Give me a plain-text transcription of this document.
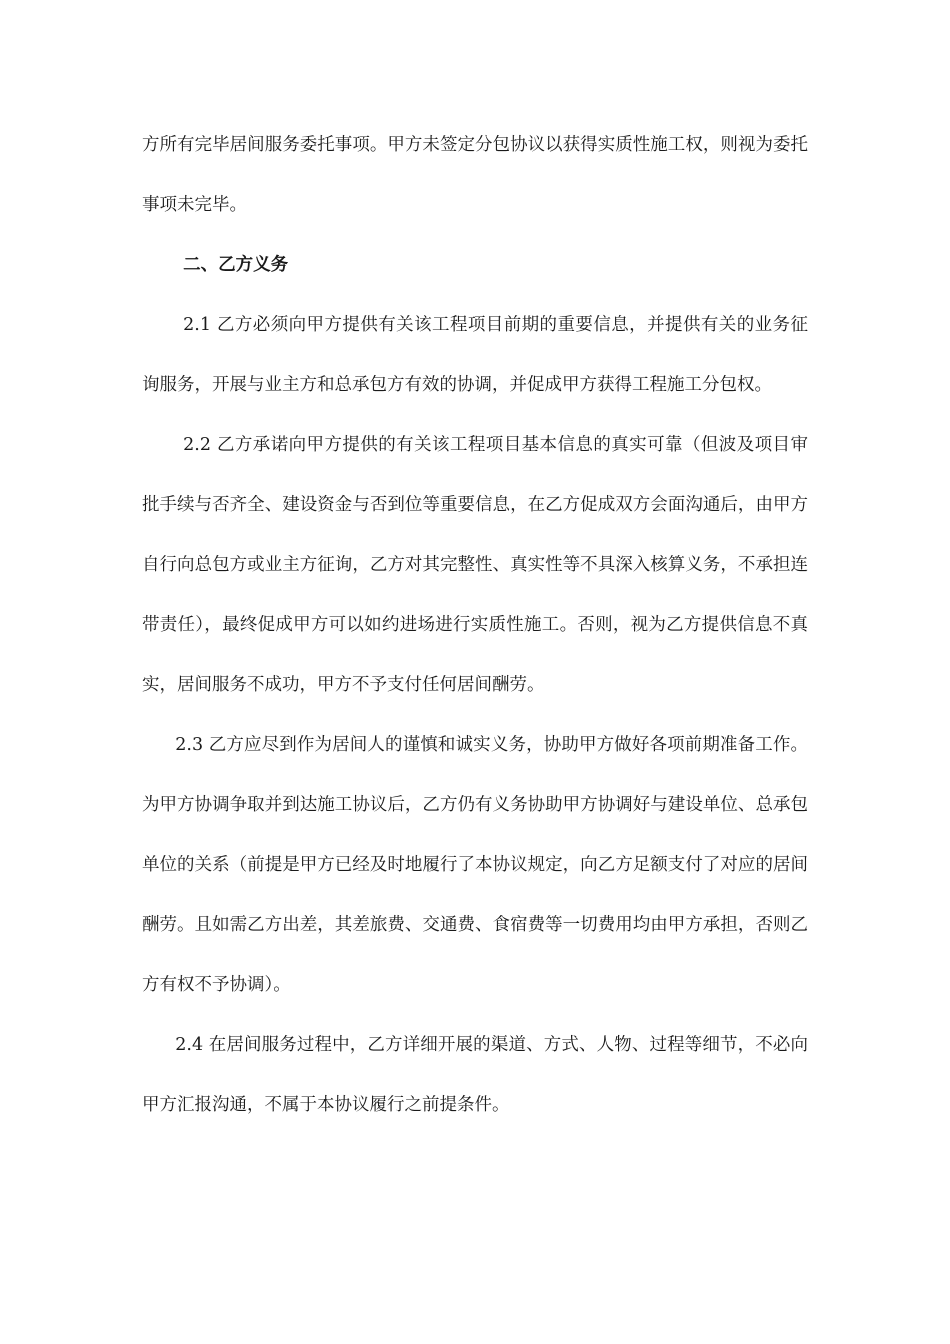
方所有完毕居间服务委托事项。甲方未签定分包协议以获得实质性施工权，则视为委托事项未完毕。

二、乙方义务

2.1 乙方必须向甲方提供有关该工程项目前期的重要信息，并提供有关的业务征询服务，开展与业主方和总承包方有效的协调，并促成甲方获得工程施工分包权。

2.2 乙方承诺向甲方提供的有关该工程项目基本信息的真实可靠（但波及项目审批手续与否齐全、建设资金与否到位等重要信息，在乙方促成双方会面沟通后，由甲方自行向总包方或业主方征询，乙方对其完整性、真实性等不具深入核算义务，不承担连带责任），最终促成甲方可以如约进场进行实质性施工。否则，视为乙方提供信息不真实，居间服务不成功，甲方不予支付任何居间酬劳。

2.3 乙方应尽到作为居间人的谨慎和诚实义务，协助甲方做好各项前期准备工作。为甲方协调争取并到达施工协议后，乙方仍有义务协助甲方协调好与建设单位、总承包单位的关系（前提是甲方已经及时地履行了本协议规定，向乙方足额支付了对应的居间酬劳。且如需乙方出差，其差旅费、交通费、食宿费等一切费用均由甲方承担，否则乙方有权不予协调）。

2.4 在居间服务过程中，乙方详细开展的渠道、方式、人物、过程等细节，不必向甲方汇报沟通，不属于本协议履行之前提条件。
